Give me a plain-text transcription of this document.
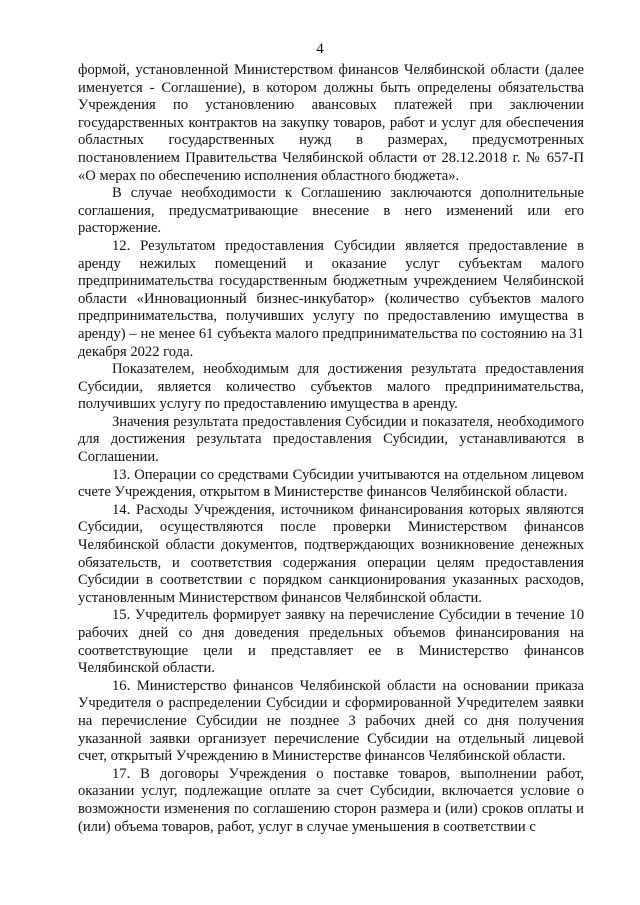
4

формой, установленной Министерством финансов Челябинской области (далее именуется - Соглашение), в котором должны быть определены обязательства Учреждения по установлению авансовых платежей при заключении государственных контрактов на закупку товаров, работ и услуг для обеспечения областных государственных нужд в размерах, предусмотренных постановлением Правительства Челябинской области от 28.12.2018 г. № 657-П «О мерах по обеспечению исполнения областного бюджета».

В случае необходимости к Соглашению заключаются дополнительные соглашения, предусматривающие внесение в него изменений или его расторжение.

12. Результатом предоставления Субсидии является предоставление в аренду нежилых помещений и оказание услуг субъектам малого предпринимательства государственным бюджетным учреждением Челябинской области «Инновационный бизнес-инкубатор» (количество субъектов малого предпринимательства, получивших услугу по предоставлению имущества в аренду) – не менее 61 субъекта малого предпринимательства по состоянию на 31 декабря 2022 года.

Показателем, необходимым для достижения результата предоставления Субсидии, является количество субъектов малого предпринимательства, получивших услугу по предоставлению имущества в аренду.

Значения результата предоставления Субсидии и показателя, необходимого для достижения результата предоставления Субсидии, устанавливаются в Соглашении.

13. Операции со средствами Субсидии учитываются на отдельном лицевом счете Учреждения, открытом в Министерстве финансов Челябинской области.

14. Расходы Учреждения, источником финансирования которых являются Субсидии, осуществляются после проверки Министерством финансов Челябинской области документов, подтверждающих возникновение денежных обязательств, и соответствия содержания операции целям предоставления Субсидии в соответствии с порядком санкционирования указанных расходов, установленным Министерством финансов Челябинской области.

15. Учредитель формирует заявку на перечисление Субсидии в течение 10 рабочих дней со дня доведения предельных объемов финансирования на соответствующие цели и представляет ее в Министерство финансов Челябинской области.

16. Министерство финансов Челябинской области на основании приказа Учредителя о распределении Субсидии и сформированной Учредителем заявки на перечисление Субсидии не позднее 3 рабочих дней со дня получения указанной заявки организует перечисление Субсидии на отдельный лицевой счет, открытый Учреждению в Министерстве финансов Челябинской области.

17. В договоры Учреждения о поставке товаров, выполнении работ, оказании услуг, подлежащие оплате за счет Субсидии, включается условие о возможности изменения по соглашению сторон размера и (или) сроков оплаты и (или) объема товаров, работ, услуг в случае уменьшения в соответствии с
